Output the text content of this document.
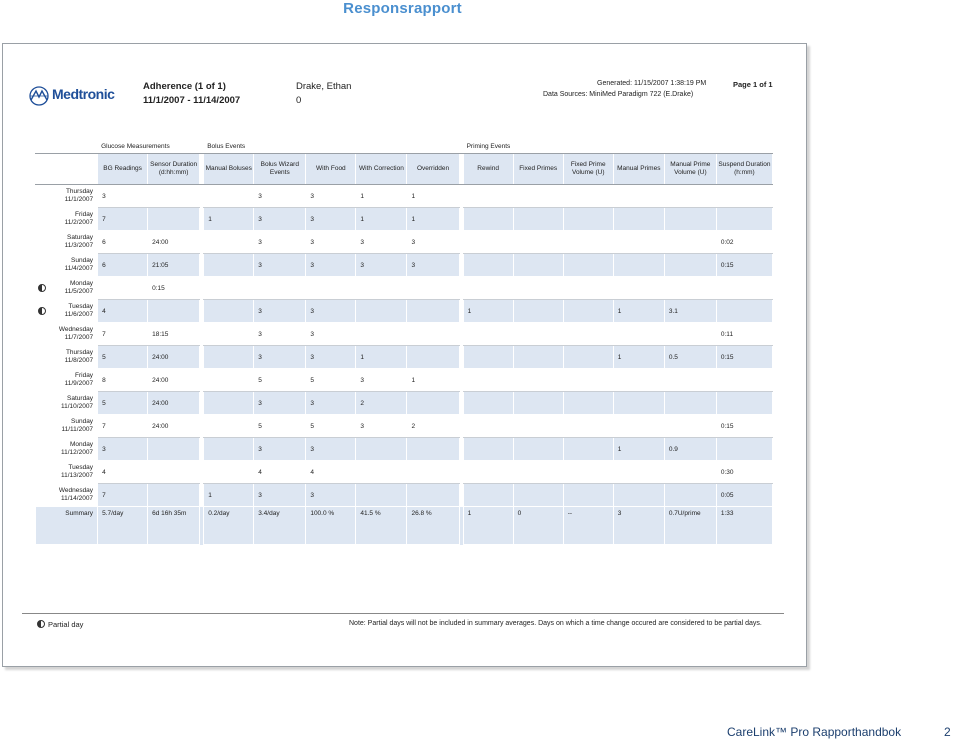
Responsrapport
Medtronic	Adherence (1 of 1)
11/1/2007 - 11/14/2007
Drake, Ethan
0
Generated: 11/15/2007 1:38:19 PM
Data Sources: MiniMed Paradigm 722 (E.Drake)
Page 1 of 1
	Glucose Measurements			Bolus Events						Priming Events					
	BG Readings	Sensor Duration (d:hh:mm)		Manual Boluses	Bolus Wizard Events	With Food	With Correction	Overridden		Rewind	Fixed Primes	Fixed Prime Volume (U)	Manual Primes	Manual Prime Volume (U)	Suspend Duration (h:mm)

Thursday
11/1/2007	3				3	3	1	1							

Friday
11/2/2007	7			1	3	3	1	1							

Saturday
11/3/2007	6	24:00			3	3	3	3							0:02

Sunday
11/4/2007	6	21:05			3	3	3	3							0:15

Monday
11/5/2007		0:15													

Tuesday
11/6/2007	4				3	3				1			1	3.1	

Wednesday
11/7/2007	7	18:15			3	3									0:11

Thursday
11/8/2007	5	24:00			3	3	1						1	0.5	0:15

Friday
11/9/2007	8	24:00			5	5	3	1							

Saturday
11/10/2007	5	24:00			3	3	2								

Sunday
11/11/2007	7	24:00			5	5	3	2							0:15

Monday
11/12/2007	3				3	3							1	0.9	

Tuesday
11/13/2007	4				4	4									0:30

Wednesday
11/14/2007	7			1	3	3									0:05
Summary	5.7/day	6d 16h 35m		0.2/day	3.4/day	100.0 %	41.5 %	26.8 %		1	0	--	3	0.7U/prime	1:33
Partial day	Note: Partial days will not be included in summary averages. Days on which a time change occured are considered to be partial days.
CareLink™ Pro Rapporthandbok	2
